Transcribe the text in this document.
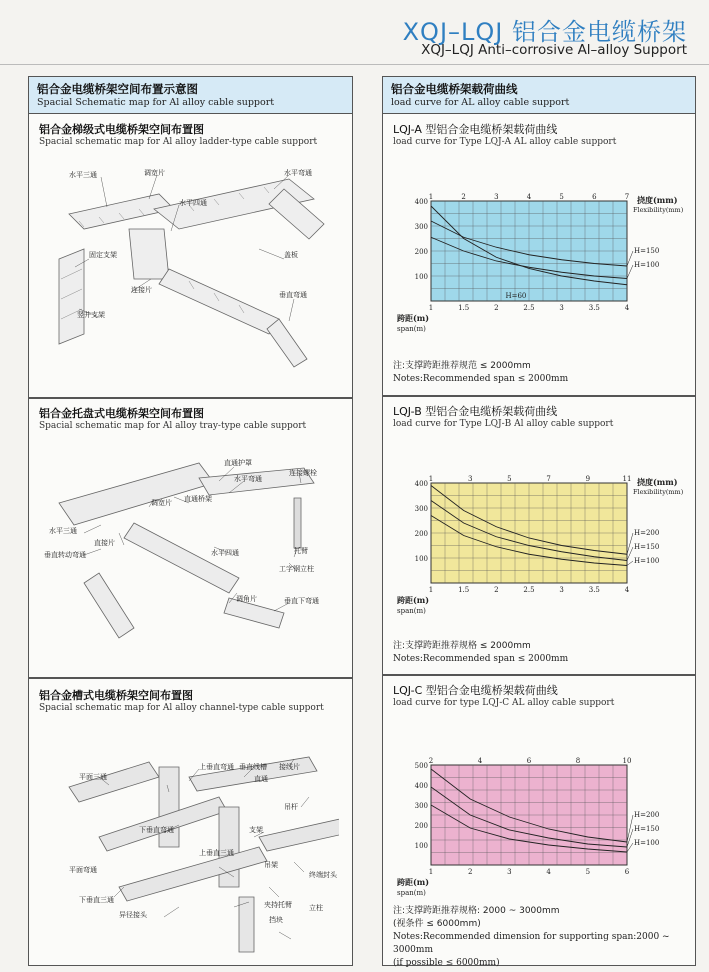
XQJ–LQJ 铝合金电缆桥架
XQJ–LQJ Anti–corrosive Al–alloy Support
铝合金电缆桥架空间布置示意图
Spacial Schematic map for Al alloy cable support
铝合金梯级式电缆桥架空间布置图
Spacial schematic map for Al alloy ladder-type cable support
水平三通	调宽片	水平弯通
水平四通
固定支架	盖板
连接片
竖井支架
垂直弯通
铝合金托盘式电缆桥架空间布置图
Spacial schematic map for Al alloy tray-type cable support
直通护罩
连接螺栓
水平弯通
调宽片 直通桥架
水平三通
直接片
水平四通	托臂
垂直转动弯通
工字钢立柱
调角片	垂直下弯通
铝合金槽式电缆桥架空间布置图
Spacial schematic map for Al alloy channel-type cable support
上垂直弯通 垂直线槽 接线片
平面三通	直通
吊杆
下垂直弯通	支架
上垂直三通
吊架
平面弯通
终端封头
下垂直三通
夹持托臂 立柱
异径接头
挡块
铝合金电缆桥架载荷曲线
load curve for AL alloy cable support
LQJ-A 型铝合金电缆桥架载荷曲线
load curve for Type LQJ-A AL alloy cable support
100
200
300
400
1	1.5	2	2.5	3	3.5	4
1	2	3	4	5	6	7
H=60
H=150
H=100
挠度(mm)
Flexibility(mm)
跨距(m)
span(m)
注:支撑跨距推荐规范 ≤ 2000mm
Notes:Recommended span ≤ 2000mm
LQJ-B 型铝合金电缆桥架载荷曲线
load curve for Type LQJ-B Al alloy cable support
100
200
300
400
1	1.5	2	2.5	3	3.5	4
1	3	5	7	9	11
H=200
H=150
H=100
挠度(mm)
Flexibility(mm)
跨距(m)
span(m)
注:支撑跨距推荐规格 ≤ 2000mm
Notes:Recommended span ≤ 2000mm
LQJ-C 型铝合金电缆桥架载荷曲线
load curve for type LQJ-C AL alloy cable support
100
200
300
400
500
1	2	3	4	5	6
2	4	6	8	10
H=200
H=150
H=100
跨距(m)
span(m)
注:支撑跨距推荐规格: 2000 ~ 3000mm
(视条件 ≤ 6000mm)
Notes:Recommended dimension for supporting span:2000 ~ 3000mm
(if possible ≤ 6000mm)
